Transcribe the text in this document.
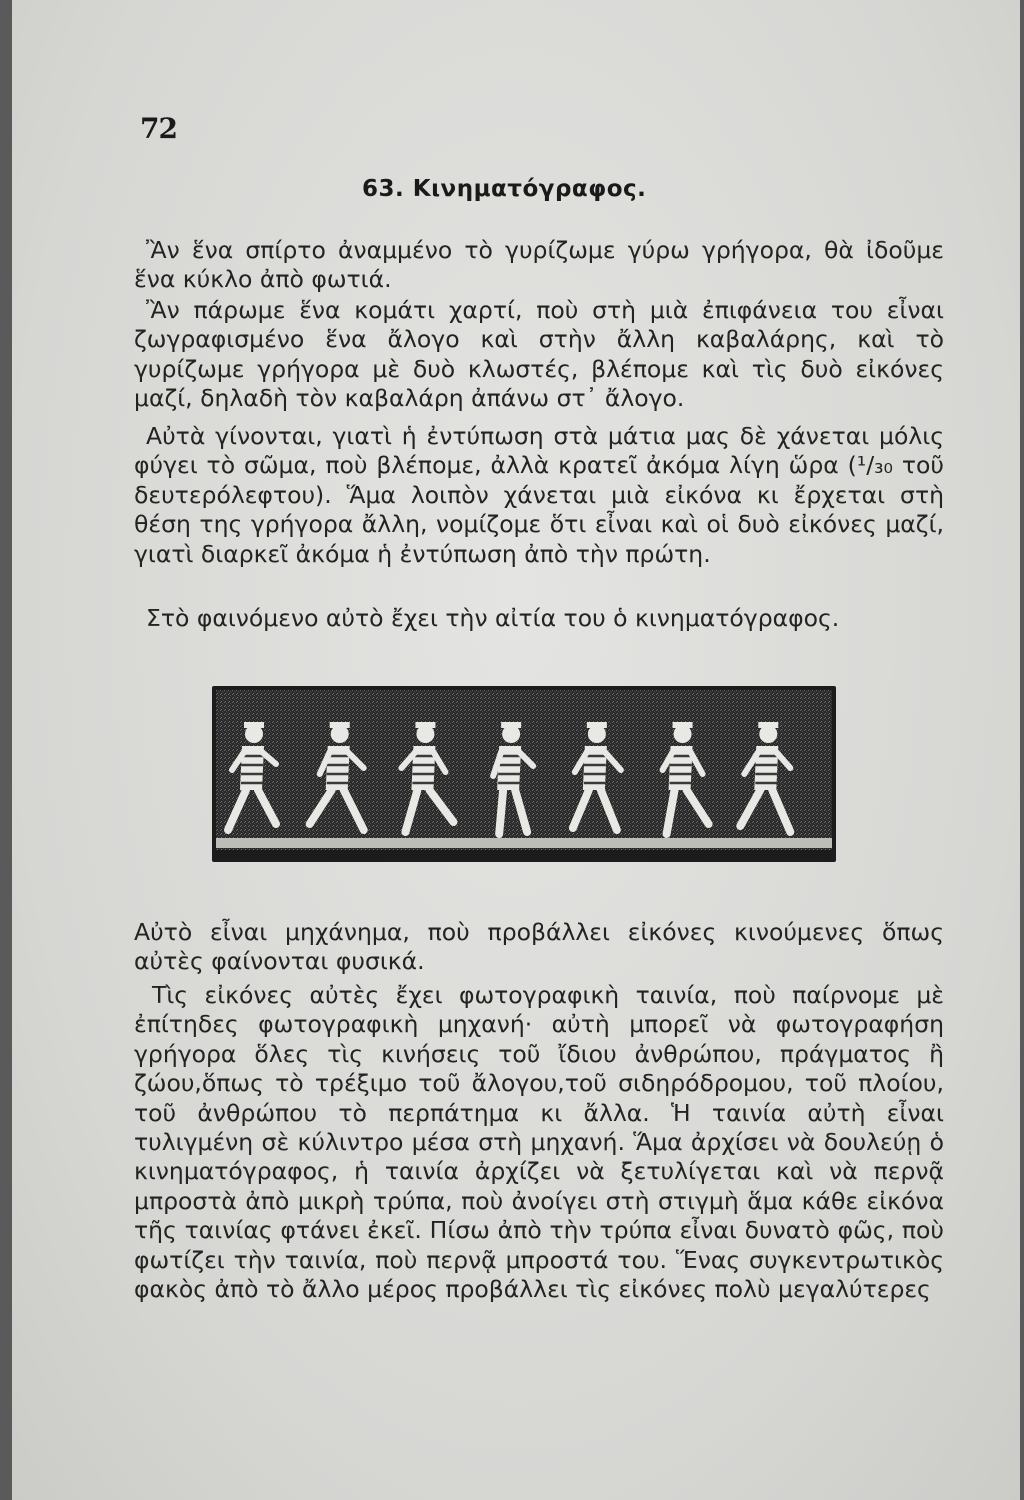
72
63. Κινηματόγραφος.

Ἂν ἕνα σπίρτο ἀναμμένο τὸ γυρίζωμε γύρω γρήγορα, θὰ ἰδοῦμε ἕνα κύκλο ἀπὸ φωτιά.

Ἂν πάρωμε ἕνα κομάτι χαρτί, ποὺ στὴ μιὰ ἐπιφάνεια του εἶναι ζωγραφισμένο ἕνα ἄλογο καὶ στὴν ἄλλη καβαλάρης, καὶ τὸ γυρίζωμε γρήγορα μὲ δυὸ κλωστές, βλέπομε καὶ τὶς δυὸ εἰκόνες μαζί, δηλαδὴ τὸν καβαλάρη ἀπάνω στ᾽ ἄλογο.

Αὐτὰ γίνονται, γιατὶ ἡ ἐντύπωση στὰ μάτια μας δὲ χάνεται μόλις φύγει τὸ σῶμα, ποὺ βλέπομε, ἀλλὰ κρατεῖ ἀκόμα λίγη ὥρα (¹/₃₀ τοῦ δευτερόλεφτου). Ἅμα λοιπὸν χάνεται μιὰ εἰκόνα κι ἔρχεται στὴ θέση της γρήγορα ἄλλη, νομίζομε ὅτι εἶναι καὶ οἱ δυὸ εἰκόνες μαζί, γιατὶ διαρκεῖ ἀκόμα ἡ ἐντύπωση ἀπὸ τὴν πρώτη.

Στὸ φαινόμενο αὐτὸ ἔχει τὴν αἰτία του ὁ κινηματόγραφος.

Αὐτὸ εἶναι μηχάνημα, ποὺ προβάλλει εἰκόνες κινούμενες ὅπως αὐτὲς φαίνονται φυσικά.

Τὶς εἰκόνες αὐτὲς ἔχει φωτογραφικὴ ταινία, ποὺ παίρνομε μὲ ἐπίτηδες φωτογραφικὴ μηχανή· αὐτὴ μπορεῖ νὰ φωτογραφήση γρήγορα ὅλες τὶς κινήσεις τοῦ ἴδιου ἀνθρώπου, πράγματος ἢ ζώου,ὅπως τὸ τρέξιμο τοῦ ἄλογου,τοῦ σιδηρόδρομου, τοῦ πλοίου, τοῦ ἀνθρώπου τὸ περπάτημα κι ἄλλα. Ἡ ταινία αὐτὴ εἶναι τυλιγμένη σὲ κύλιντρο μέσα στὴ μηχανή. Ἅμα ἀρχίσει νὰ δουλεύῃ ὁ κινηματόγραφος, ἡ ταινία ἀρχίζει νὰ ξετυλίγεται καὶ νὰ περνᾷ μπροστὰ ἀπὸ μικρὴ τρύπα, ποὺ ἀνοίγει στὴ στιγμὴ ἅμα κάθε εἰκόνα τῆς ταινίας φτάνει ἐκεῖ. Πίσω ἀπὸ τὴν τρύπα εἶναι δυνατὸ φῶς, ποὺ φωτίζει τὴν ταινία, ποὺ περνᾷ μπροστά του. Ἕνας συγκεντρωτικὸς φακὸς ἀπὸ τὸ ἄλλο μέρος προβάλλει τὶς εἰκόνες πολὺ μεγαλύτερες
